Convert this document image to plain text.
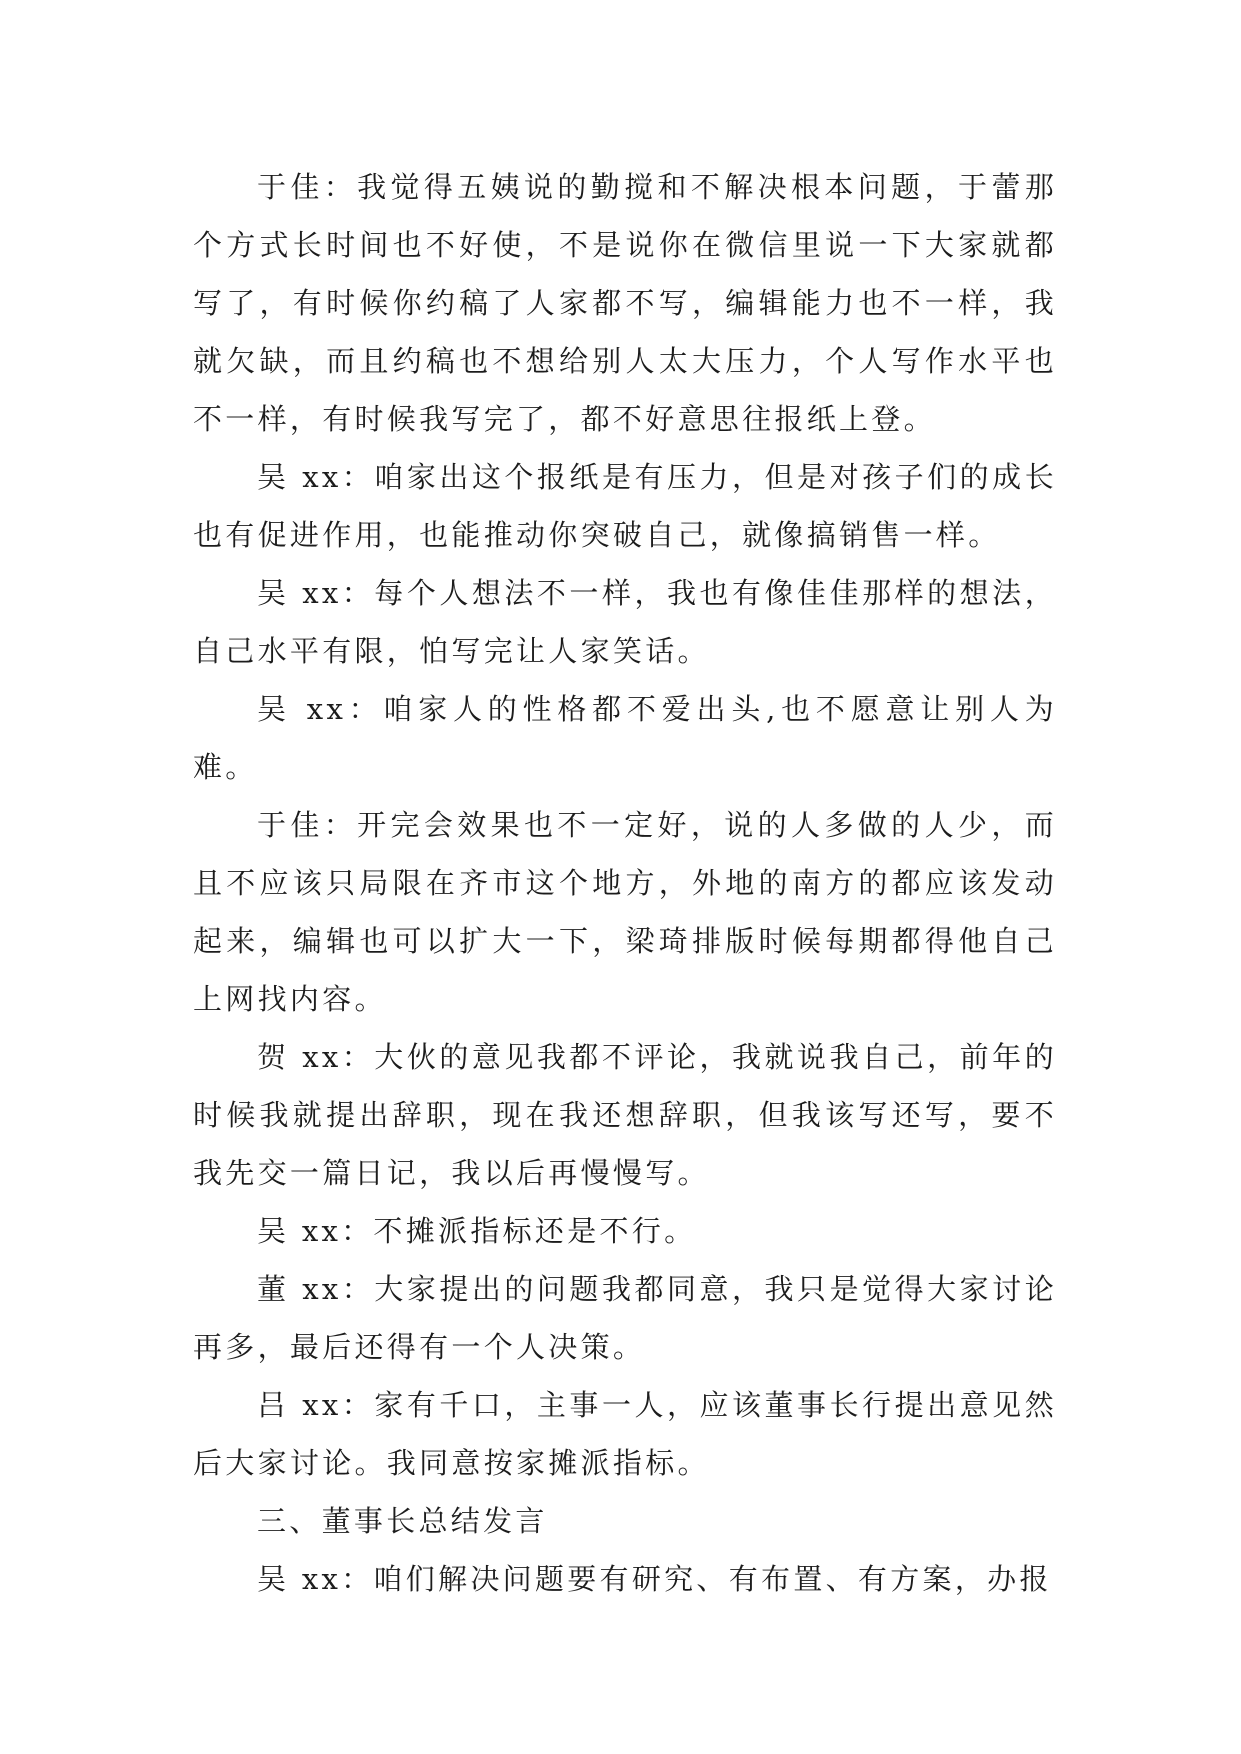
于佳：我觉得五姨说的勤搅和不解决根本问题，于蕾那个方式长时间也不好使，不是说你在微信里说一下大家就都写了，有时候你约稿了人家都不写，编辑能力也不一样，我就欠缺，而且约稿也不想给别人太大压力，个人写作水平也不一样，有时候我写完了，都不好意思往报纸上登。

吴 xx：咱家出这个报纸是有压力，但是对孩子们的成长也有促进作用，也能推动你突破自己，就像搞销售一样。

吴 xx：每个人想法不一样，我也有像佳佳那样的想法，自己水平有限，怕写完让人家笑话。

吴 xx：咱家人的性格都不爱出头,也不愿意让别人为难。

于佳：开完会效果也不一定好，说的人多做的人少，而且不应该只局限在齐市这个地方，外地的南方的都应该发动起来，编辑也可以扩大一下，梁琦排版时候每期都得他自己上网找内容。

贺 xx：大伙的意见我都不评论，我就说我自己，前年的时候我就提出辞职，现在我还想辞职，但我该写还写，要不我先交一篇日记，我以后再慢慢写。

吴 xx：不摊派指标还是不行。

董 xx：大家提出的问题我都同意，我只是觉得大家讨论再多，最后还得有一个人决策。

吕 xx：家有千口，主事一人，应该董事长行提出意见然后大家讨论。我同意按家摊派指标。

三、董事长总结发言

吴 xx：咱们解决问题要有研究、有布置、有方案，办报
